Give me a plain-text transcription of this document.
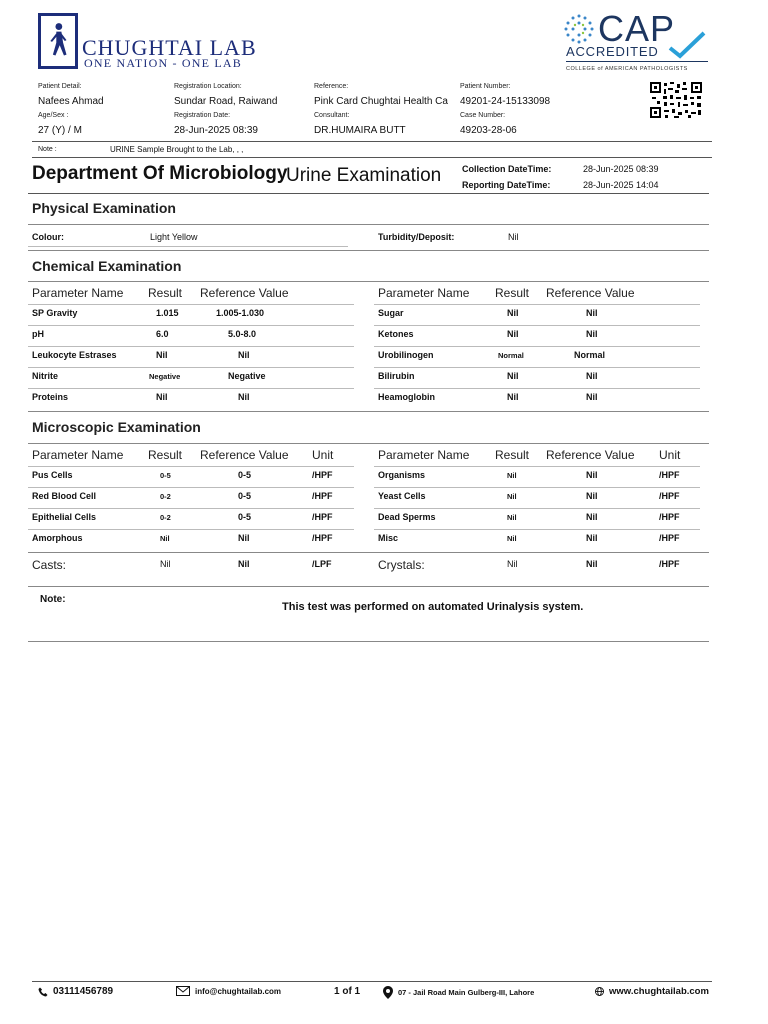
CHUGHTAI LAB
ONE NATION - ONE LAB
CAP
ACCREDITED
COLLEGE of AMERICAN PATHOLOGISTS
Patient Detail:
Nafees Ahmad
Age/Sex :
27 (Y) / M
Registration Location:
Sundar Road, Raiwand
Registration Date:
28-Jun-2025 08:39
Reference:
Pink Card Chughtai Health Ca
Consultant:
DR.HUMAIRA BUTT
Patient Number:
49201-24-15133098
Case Number:
49203-28-06
Note :	URINE Sample Brought to the Lab, , ,
Department Of Microbiology
Urine Examination Collection DateTime:	28-Jun-2025 08:39
Reporting DateTime:	28-Jun-2025 14:04
Physical Examination
Colour:	Light Yellow	Turbidity/Deposit:	Nil
Chemical Examination
Parameter Name Result Reference Value	Parameter Name Result Reference Value
SP Gravity	1.015	1.005-1.030
pH	6.0	5.0-8.0
Leukocyte Estrases	Nil	Nil
Nitrite	Negative	Negative
Proteins	Nil	Nil
Sugar	Nil	Nil
Ketones	Nil	Nil
Urobilinogen	Normal	Normal
Bilirubin	Nil	Nil
Heamoglobin	Nil	Nil
Microscopic Examination
Parameter Name Result Reference Value Unit	Parameter Name Result Reference Value Unit
Pus Cells	0-5	0-5	/HPF
Red Blood Cell	0-2	0-5	/HPF
Epithelial Cells	0-2	0-5	/HPF
Amorphous	Nil	Nil	/HPF
Organisms	Nil	Nil	/HPF
Yeast Cells	Nil	Nil	/HPF
Dead Sperms	Nil	Nil	/HPF
Misc	Nil	Nil	/HPF
Casts:	Nil	Nil	/LPF	Crystals:	Nil	Nil	/HPF
Note:
This test was performed on automated Urinalysis system.
03111456789	info@chughtailab.com	1 of 1	07 - Jail Road Main Gulberg-III, Lahore	www.chughtailab.com
